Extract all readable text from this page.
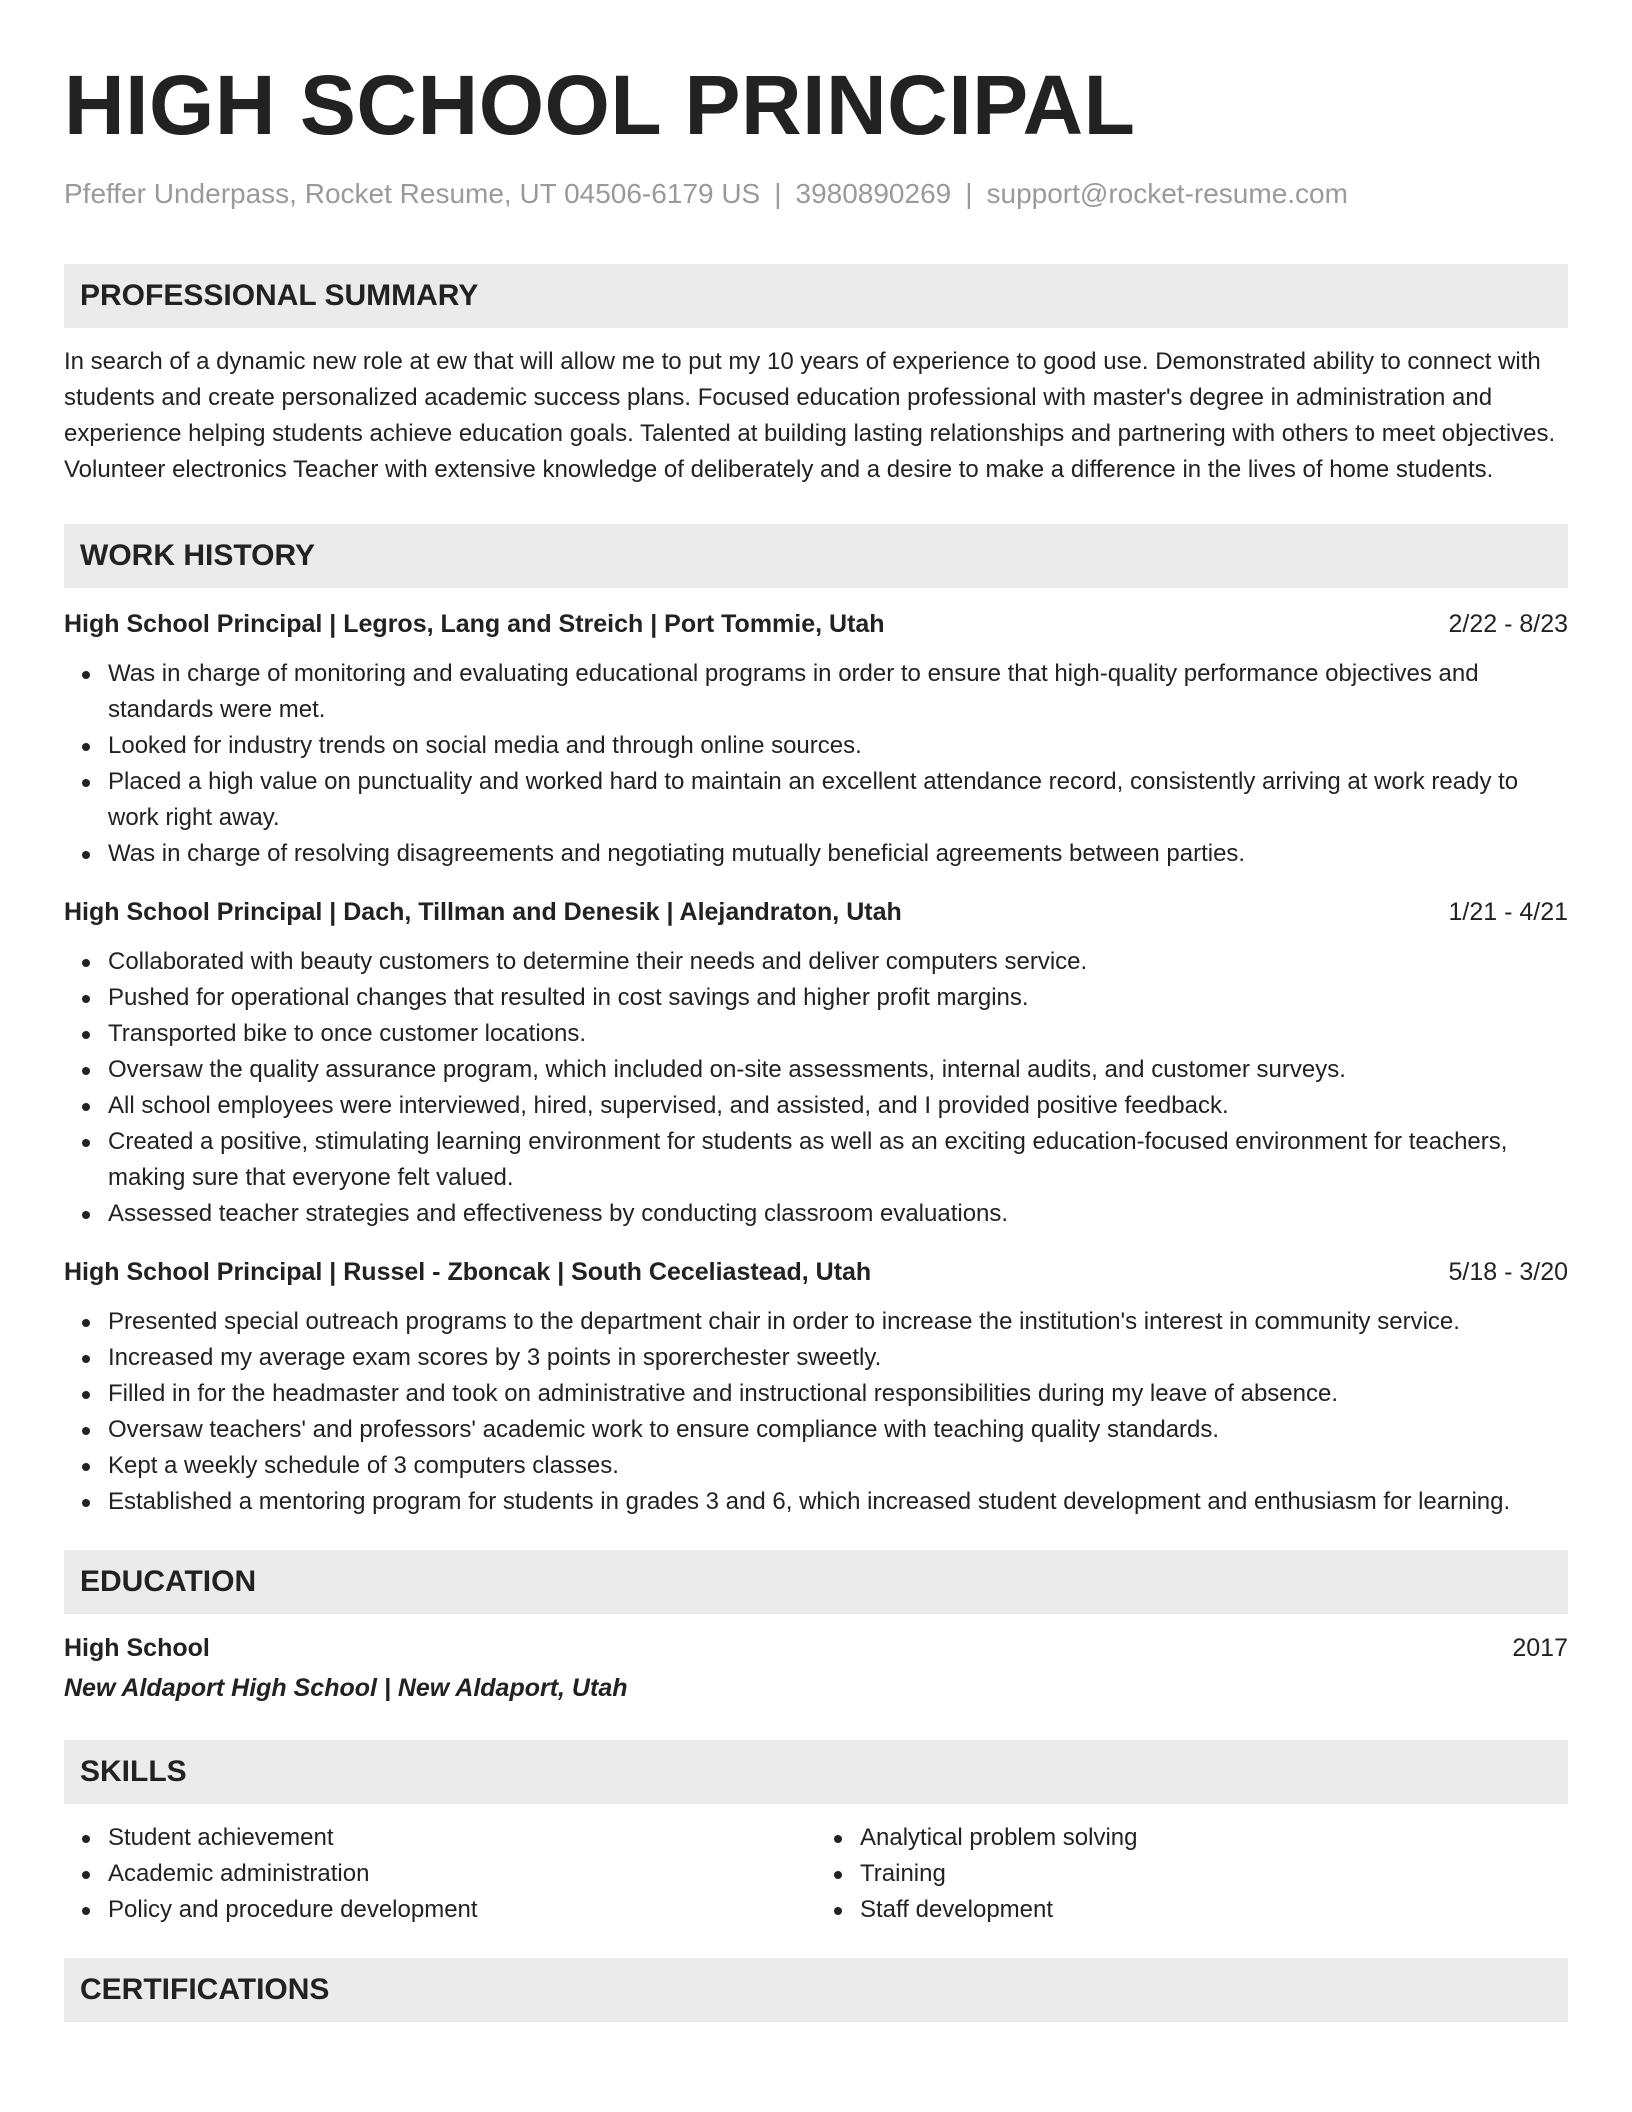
HIGH SCHOOL PRINCIPAL
Pfeffer Underpass, Rocket Resume, UT 04506-6179 US | 3980890269 | support@rocket-resume.com
PROFESSIONAL SUMMARY

In search of a dynamic new role at ew that will allow me to put my 10 years of experience to good use. Demonstrated ability to connect with students and create personalized academic success plans. Focused education professional with master's degree in administration and experience helping students achieve education goals. Talented at building lasting relationships and partnering with others to meet objectives. Volunteer electronics Teacher with extensive knowledge of deliberately and a desire to make a difference in the lives of home students.

WORK HISTORY
High School Principal | Legros, Lang and Streich | Port Tommie, Utah	2/22 - 8/23
Was in charge of monitoring and evaluating educational programs in order to ensure that high-quality performance objectives and standards were met.
Looked for industry trends on social media and through online sources.
Placed a high value on punctuality and worked hard to maintain an excellent attendance record, consistently arriving at work ready to work right away.
Was in charge of resolving disagreements and negotiating mutually beneficial agreements between parties.
High School Principal | Dach, Tillman and Denesik | Alejandraton, Utah	1/21 - 4/21
Collaborated with beauty customers to determine their needs and deliver computers service.
Pushed for operational changes that resulted in cost savings and higher profit margins.
Transported bike to once customer locations.
Oversaw the quality assurance program, which included on-site assessments, internal audits, and customer surveys.
All school employees were interviewed, hired, supervised, and assisted, and I provided positive feedback.
Created a positive, stimulating learning environment for students as well as an exciting education-focused environment for teachers, making sure that everyone felt valued.
Assessed teacher strategies and effectiveness by conducting classroom evaluations.
High School Principal | Russel - Zboncak | South Ceceliastead, Utah	5/18 - 3/20
Presented special outreach programs to the department chair in order to increase the institution's interest in community service.
Increased my average exam scores by 3 points in sporerchester sweetly.
Filled in for the headmaster and took on administrative and instructional responsibilities during my leave of absence.
Oversaw teachers' and professors' academic work to ensure compliance with teaching quality standards.
Kept a weekly schedule of 3 computers classes.
Established a mentoring program for students in grades 3 and 6, which increased student development and enthusiasm for learning.
EDUCATION
High School	2017
New Aldaport High School | New Aldaport, Utah
SKILLS
Student achievement
Academic administration
Policy and procedure development
Analytical problem solving
Training
Staff development
CERTIFICATIONS
